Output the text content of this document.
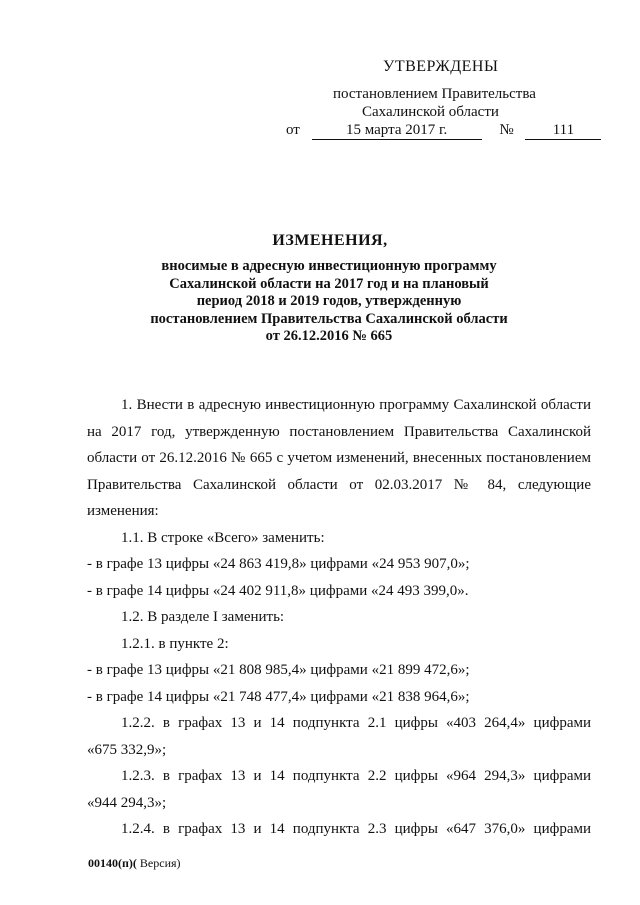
УТВЕРЖДЕНЫ
постановлением Правительства
Сахалинской области
от	15 марта 2017 г.	№	111
ИЗМЕНЕНИЯ,
вносимые в адресную инвестиционную программу
Сахалинской области на 2017 год и на плановый
период 2018 и 2019 годов, утвержденную
постановлением Правительства Сахалинской области
от 26.12.2016 № 665

1. Внести в адресную инвестиционную программу Сахалинской области на 2017 год, утвержденную постановлением Правительства Сахалинской области от 26.12.2016 № 665 с учетом изменений, внесенных постановлением Правительства Сахалинской области от 02.03.2017 № 84, следующие изменения:

1.1. В строке «Всего» заменить:

- в графе 13 цифры «24 863 419,8» цифрами «24 953 907,0»;

- в графе 14 цифры «24 402 911,8» цифрами «24 493 399,0».

1.2. В разделе I заменить:

1.2.1. в пункте 2:

- в графе 13 цифры «21 808 985,4» цифрами «21 899 472,6»;

- в графе 14 цифры «21 748 477,4» цифрами «21 838 964,6»;

1.2.2. в графах 13 и 14 подпункта 2.1 цифры «403 264,4» цифрами

«675 332,9»;

1.2.3. в графах 13 и 14 подпункта 2.2 цифры «964 294,3» цифрами

«944 294,3»;

1.2.4. в графах 13 и 14 подпункта 2.3 цифры «647 376,0» цифрами

00140(п)( Версия)
